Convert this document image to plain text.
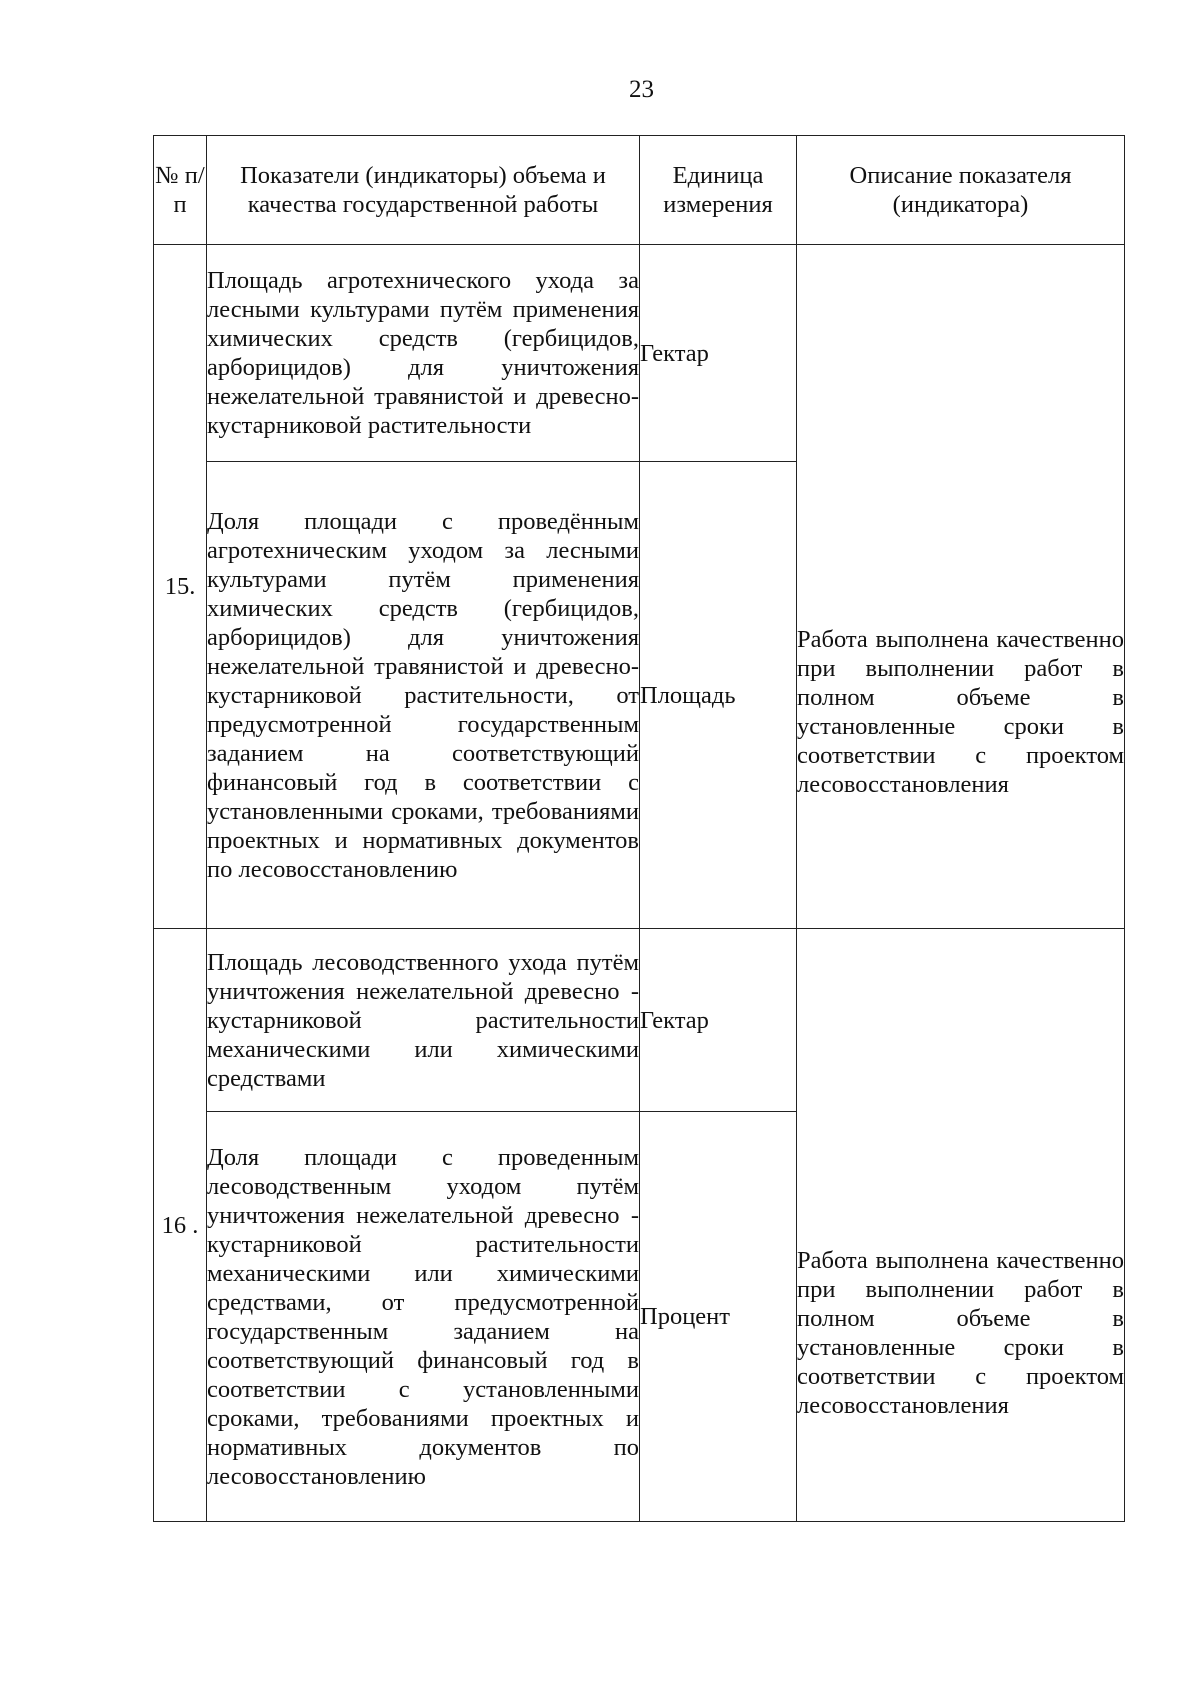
23
№ п/п	Показатели (индикаторы) объема и качества государственной работы	Единица измерения	Описание показателя (индикатора)
15.	Площадь агротехнического ухода за лесными культурами путём применения химических средств (гербицидов, арборицидов) для уничтожения нежелательной травянистой и древесно-кустарниковой растительности	Гектар	Работа выполнена качественно при выполнении работ в полном объеме в установленные сроки в соответствии с проектом лесовосстановления

	Доля площади с проведённым агротехническим уходом за лесными культурами путём применения химических средств (гербицидов, арборицидов) для уничтожения нежелательной травянистой и древесно-кустарниковой растительности, от предусмотренной государственным заданием на соответствующий финансовый год в соответствии с установленными сроками, требованиями проектных и нормативных документов по лесовосстановлению	Площадь	
16 .	Площадь лесоводственного ухода путём уничтожения нежелательной древесно - кустарниковой растительности механическими или химическими средствами	Гектар	Работа выполнена качественно при выполнении работ в полном объеме в установленные сроки в соответствии с проектом лесовосстановления

	Доля площади с проведенным лесоводственным уходом путём уничтожения нежелательной древесно - кустарниковой растительности механическими или химическими средствами, от предусмотренной государственным заданием на соответствующий финансовый год в соответствии с установленными сроками, требованиями проектных и нормативных документов по лесовосстановлению	Процент	
